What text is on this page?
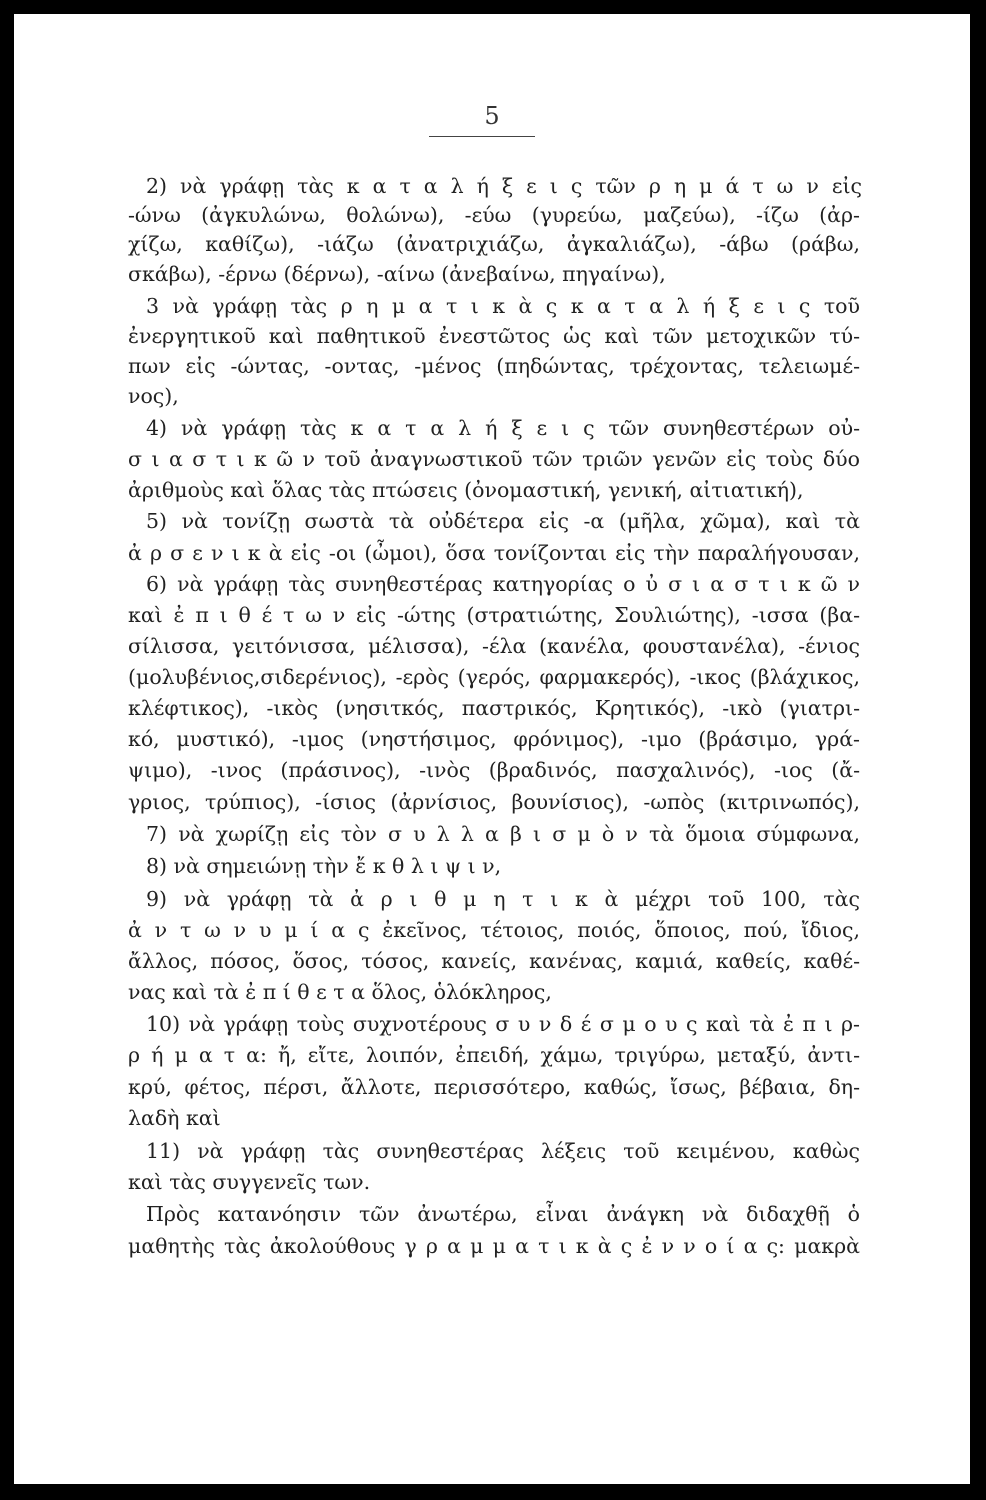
5
2) νὰ γράφῃ τὰς κ α τ α λ ή ξ ε ι ς τῶν ρ η μ ά τ ω ν εἰς
-ώνω (ἀγκυλώνω, θολώνω), -εύω (γυρεύω, μαζεύω), -ίζω (ἀρ-
χίζω, καθίζω), -ιάζω (ἀνατριχιάζω, ἀγκαλιάζω), -άβω (ράβω,
σκάβω), -έρνω (δέρνω), -αίνω (ἀνεβαίνω, πηγαίνω),
3 νὰ γράφῃ τὰς ρ η μ α τ ι κ ὰ ς κ α τ α λ ή ξ ε ι ς τοῦ
ἐνεργητικοῦ καὶ παθητικοῦ ἐνεστῶτος ὡς καὶ τῶν μετοχικῶν τύ-
πων εἰς -ώντας, -οντας, -μένος (πηδώντας, τρέχοντας, τελειωμέ-
νος),
4) νὰ γράφῃ τὰς κ α τ α λ ή ξ ε ι ς τῶν συνηθεστέρων οὐ-
σ ι α σ τ ι κ ῶ ν τοῦ ἀναγνωστικοῦ τῶν τριῶν γενῶν εἰς τοὺς δύο
ἀριθμοὺς καὶ ὅλας τὰς πτώσεις (ὀνομαστική, γενική, αἰτιατική),
5) νὰ τονίζῃ σωστὰ τὰ οὐδέτερα εἰς -α (μῆλα, χῶμα), καὶ τὰ
ἀ ρ σ ε ν ι κ ὰ εἰς -οι (ὦμοι), ὅσα τονίζονται εἰς τὴν παραλήγουσαν,
6) νὰ γράφῃ τὰς συνηθεστέρας κατηγορίας ο ὐ σ ι α σ τ ι κ ῶ ν
καὶ ἐ π ι θ έ τ ω ν εἰς -ώτης (στρατιώτης, Σουλιώτης), -ισσα (βα-
σίλισσα, γειτόνισσα, μέλισσα), -έλα (κανέλα, φουστανέλα), -ένιος
(μολυβένιος,σιδερένιος), -ερὸς (γερός, φαρμακερός), -ικος (βλάχικος,
κλέφτικος), -ικὸς (νησιτκός, παστρικός, Κρητικός), -ικὸ (γιατρι-
κό, μυστικό), -ιμος (νηστήσιμος, φρόνιμος), -ιμο (βράσιμο, γρά-
ψιμο), -ινος (πράσινος), -ινὸς (βραδινός, πασχαλινός), -ιος (ἄ-
γριος, τρύπιος), -ίσιος (ἀρνίσιος, βουνίσιος), -ωπὸς (κιτρινωπός),
7) νὰ χωρίζῃ εἰς τὸν σ υ λ λ α β ι σ μ ὸ ν τὰ ὅμοια σύμφωνα,
8) νὰ σημειώνῃ τὴν ἔ κ θ λ ι ψ ι ν,
9) νὰ γράφῃ τὰ ἀ ρ ι θ μ η τ ι κ ὰ μέχρι τοῦ 100, τὰς
ἀ ν τ ω ν υ μ ί α ς ἐκεῖνος, τέτοιος, ποιός, ὅποιος, πού, ἴδιος,
ἄλλος, πόσος, ὅσος, τόσος, κανείς, κανένας, καμιά, καθείς, καθέ-
νας καὶ τὰ ἐ π ί θ ε τ α ὅλος, ὁλόκληρος,
10) νὰ γράφῃ τοὺς συχνοτέρους σ υ ν δ έ σ μ ο υ ς καὶ τὰ ἐ π ι ρ-
ρ ή μ α τ α: ἤ, εἴτε, λοιπόν, ἐπειδή, χάμω, τριγύρω, μεταξύ, ἀντι-
κρύ, φέτος, πέρσι, ἄλλοτε, περισσότερο, καθώς, ἴσως, βέβαια, δη-
λαδὴ καὶ
11) νὰ γράφῃ τὰς συνηθεστέρας λέξεις τοῦ κειμένου, καθὼς
καὶ τὰς συγγενεῖς των.
Πρὸς κατανόησιν τῶν ἀνωτέρω, εἶναι ἀνάγκη νὰ διδαχθῇ ὁ
μαθητὴς τὰς ἀκολούθους γ ρ α μ μ α τ ι κ ὰ ς ἐ ν ν ο ί α ς: μακρὰ
